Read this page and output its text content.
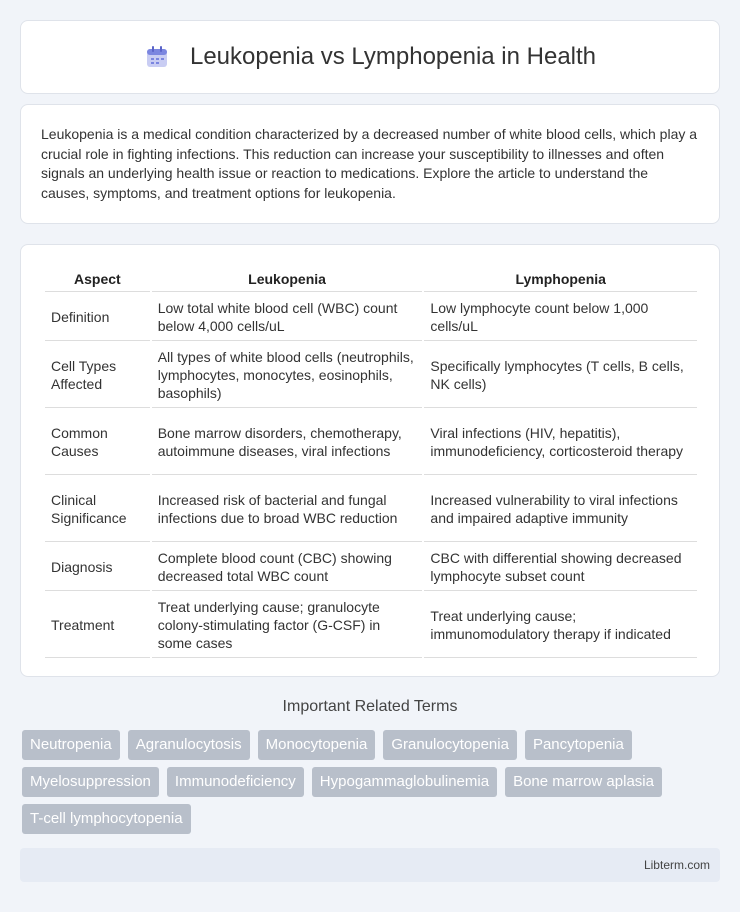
Leukopenia vs Lymphopenia in Health

Leukopenia is a medical condition characterized by a decreased number of white blood cells, which play a crucial role in fighting infections. This reduction can increase your susceptibility to illnesses and often signals an underlying health issue or reaction to medications. Explore the article to understand the causes, symptoms, and treatment options for leukopenia.

Aspect	Leukopenia	Lymphopenia
Definition	Low total white blood cell (WBC) count below 4,000 cells/uL	Low lymphocyte count below 1,000 cells/uL
Cell Types Affected	All types of white blood cells (neutrophils, lymphocytes, monocytes, eosinophils, basophils)	Specifically lymphocytes (T cells, B cells, NK cells)
Common Causes	Bone marrow disorders, chemotherapy, autoimmune diseases, viral infections	Viral infections (HIV, hepatitis), immunodeficiency, corticosteroid therapy
Clinical Significance	Increased risk of bacterial and fungal infections due to broad WBC reduction	Increased vulnerability to viral infections and impaired adaptive immunity
Diagnosis	Complete blood count (CBC) showing decreased total WBC count	CBC with differential showing decreased lymphocyte subset count
Treatment	Treat underlying cause; granulocyte colony-stimulating factor (G-CSF) in some cases	Treat underlying cause; immunomodulatory therapy if indicated
Important Related Terms
Neutropenia	Agranulocytosis	Monocytopenia	Granulocytopenia	Pancytopenia
Myelosuppression	Immunodeficiency	Hypogammaglobulinemia	Bone marrow aplasia
T-cell lymphocytopenia
Libterm.com
